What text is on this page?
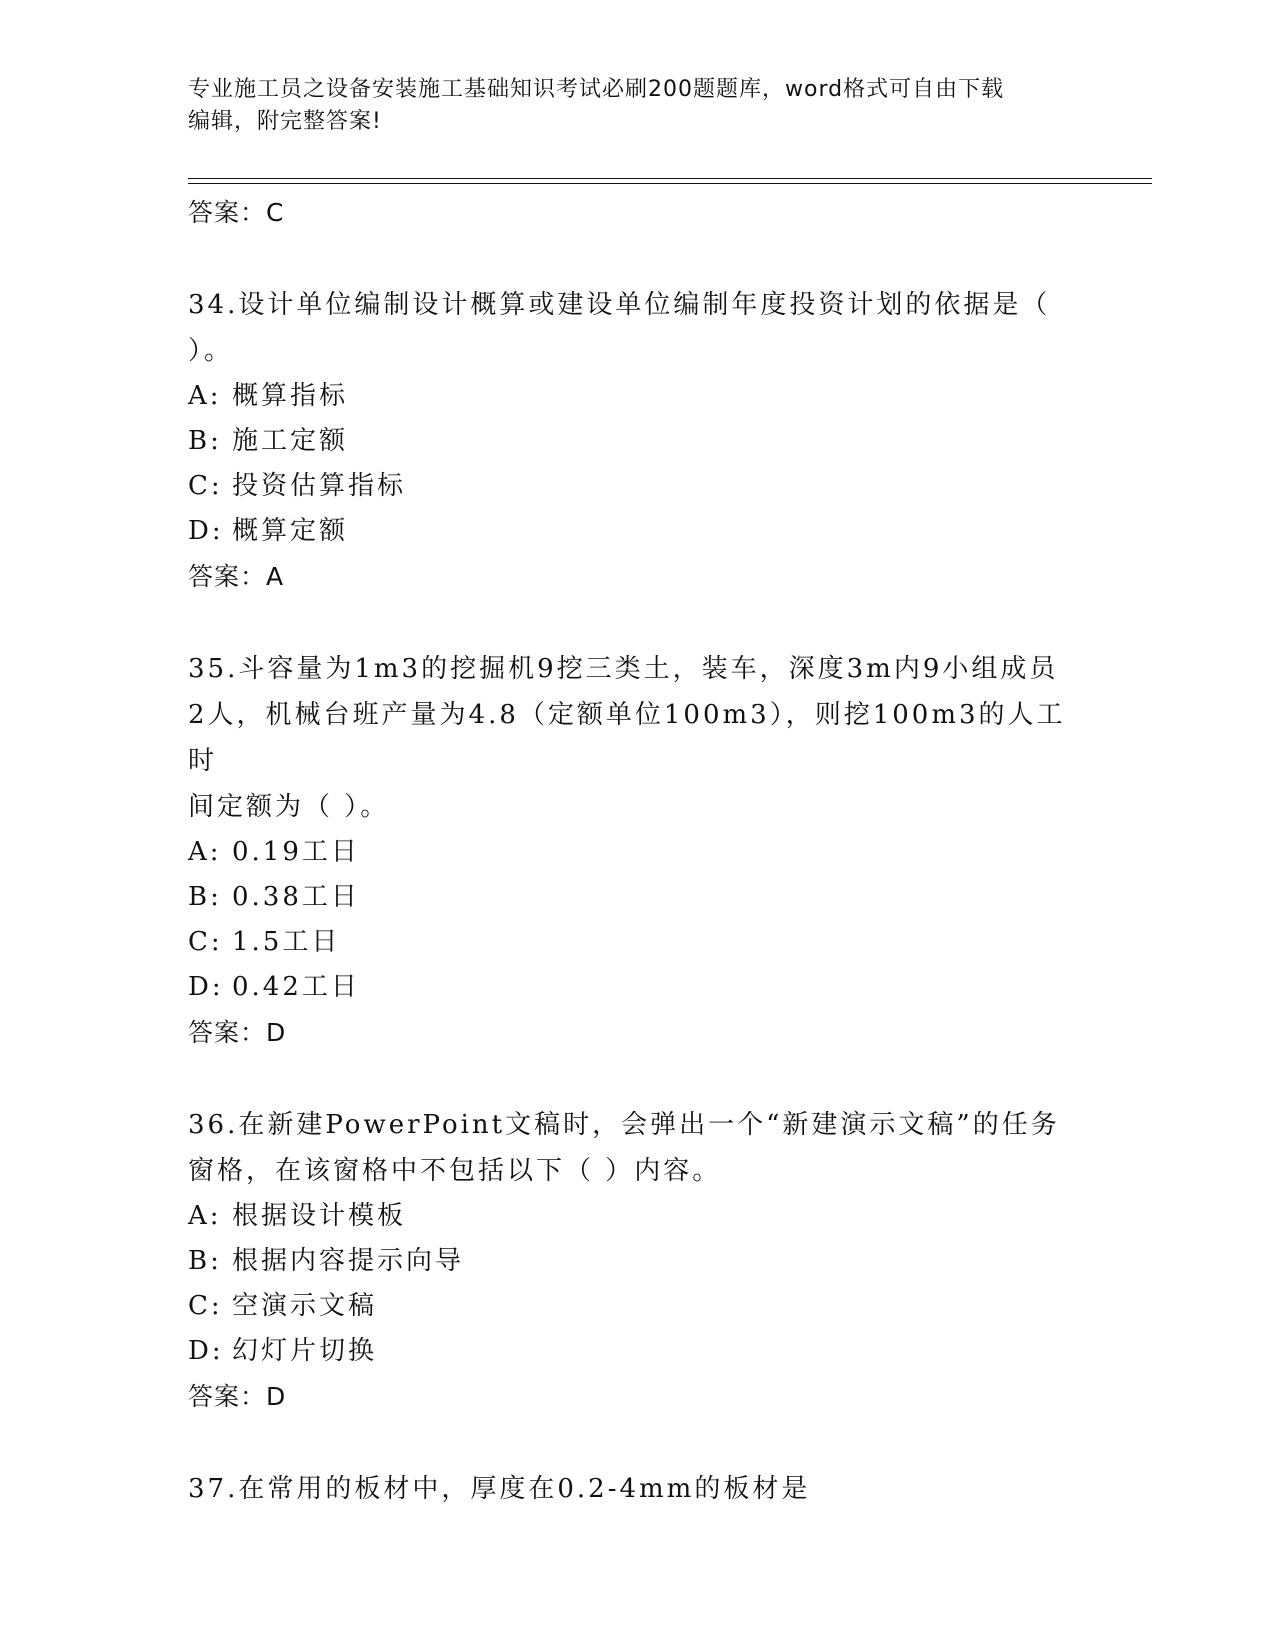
专业施工员之设备安装施工基础知识考试必刷200题题库，word格式可自由下载
编辑，附完整答案!
答案：C
34.设计单位编制设计概算或建设单位编制年度投资计划的依据是（
）。
A: 概算指标
B: 施工定额
C: 投资估算指标
D: 概算定额
答案：A
35.斗容量为1m3的挖掘机9挖三类土，装车，深度3m内9小组成员
2人，机械台班产量为4.8（定额单位100m3），则挖100m3的人工时
间定额为（ ）。
A: 0.19工日
B: 0.38工日
C: 1.5工日
D: 0.42工日
答案：D
36.在新建PowerPoint文稿时，会弹出一个“新建演示文稿”的任务
窗格，在该窗格中不包括以下（ ）内容。
A: 根据设计模板
B: 根据内容提示向导
C: 空演示文稿
D: 幻灯片切换
答案：D
37.在常用的板材中，厚度在0.2-4mm的板材是
